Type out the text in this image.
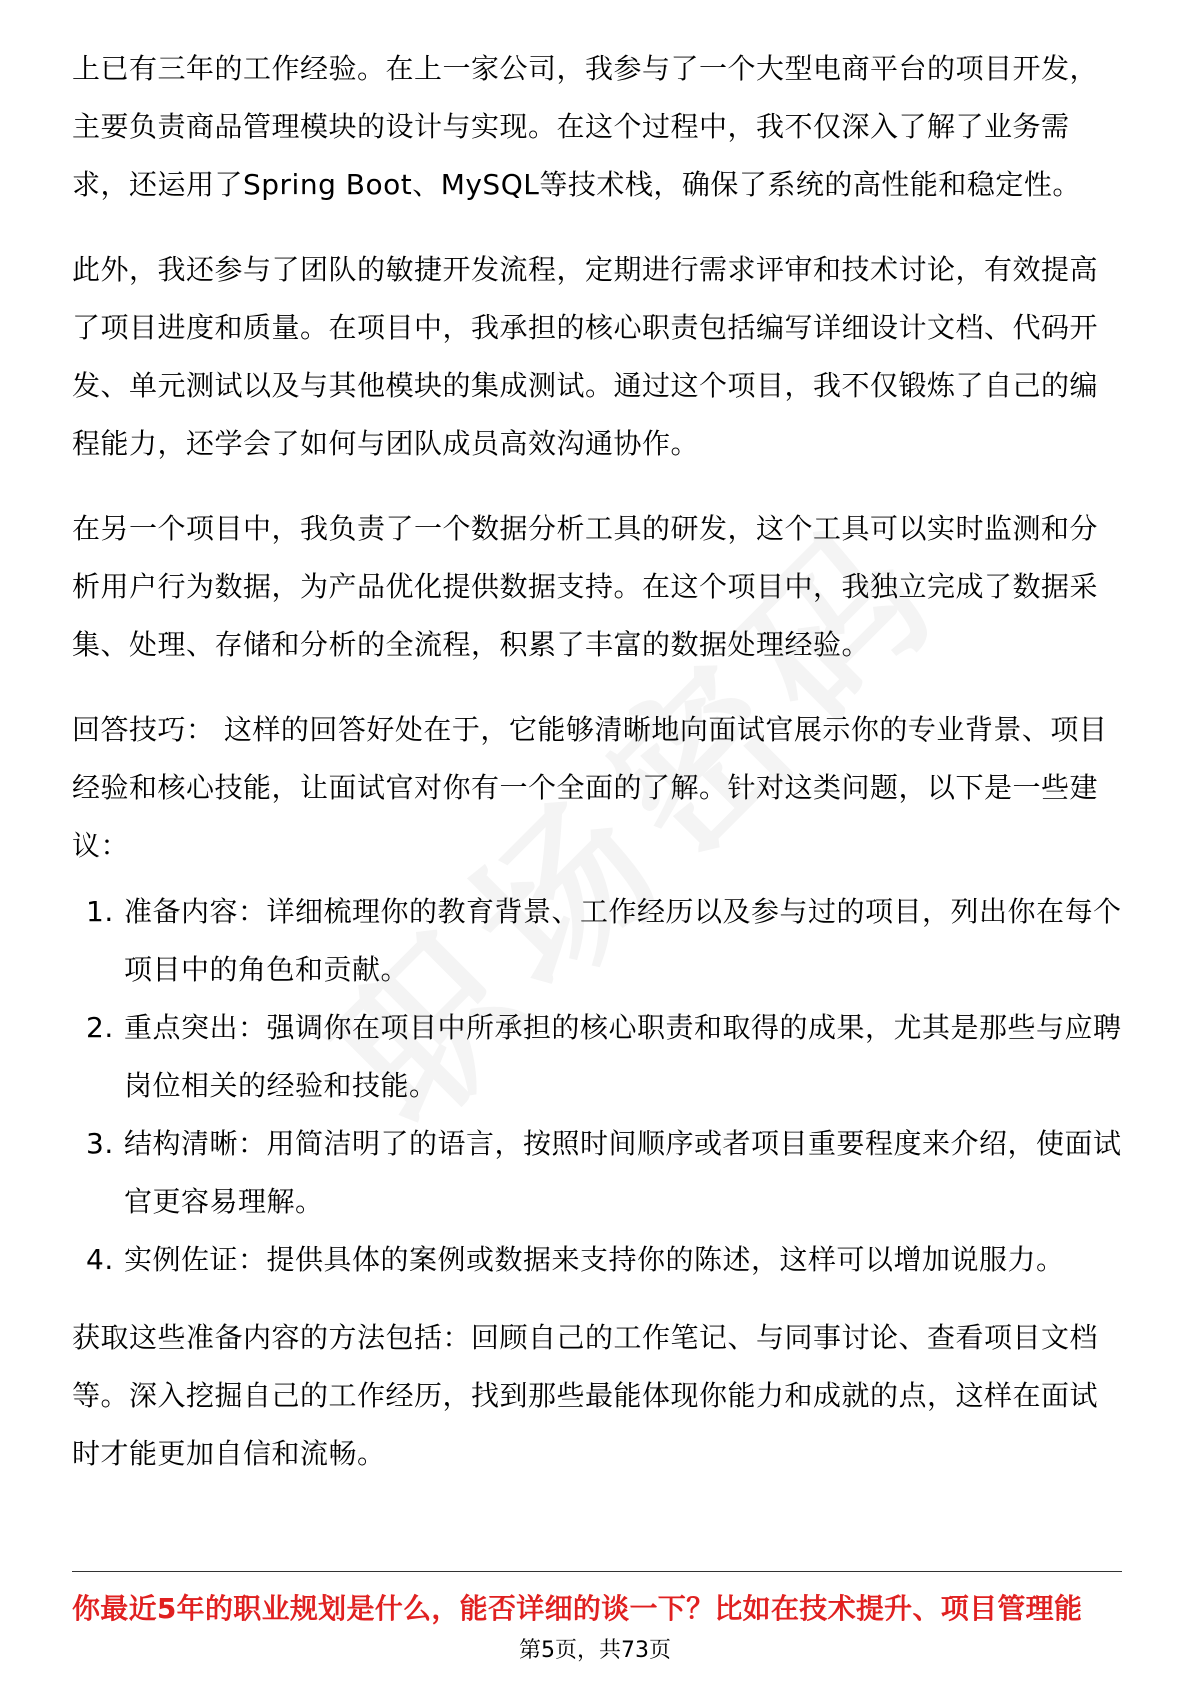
上已有三年的工作经验。在上一家公司，我参与了一个大型电商平台的项目开发，主要负责商品管理模块的设计与实现。在这个过程中，我不仅深入了解了业务需求，还运用了Spring Boot、MySQL等技术栈，确保了系统的高性能和稳定性。

此外，我还参与了团队的敏捷开发流程，定期进行需求评审和技术讨论，有效提高了项目进度和质量。在项目中，我承担的核心职责包括编写详细设计文档、代码开发、单元测试以及与其他模块的集成测试。通过这个项目，我不仅锻炼了自己的编程能力，还学会了如何与团队成员高效沟通协作。

在另一个项目中，我负责了一个数据分析工具的研发，这个工具可以实时监测和分析用户行为数据，为产品优化提供数据支持。在这个项目中，我独立完成了数据采集、处理、存储和分析的全流程，积累了丰富的数据处理经验。

回答技巧： 这样的回答好处在于，它能够清晰地向面试官展示你的专业背景、项目经验和核心技能，让面试官对你有一个全面的了解。针对这类问题，以下是一些建议：

1. 准备内容：详细梳理你的教育背景、工作经历以及参与过的项目，列出你在每个项目中的角色和贡献。
2. 重点突出：强调你在项目中所承担的核心职责和取得的成果，尤其是那些与应聘岗位相关的经验和技能。
3. 结构清晰：用简洁明了的语言，按照时间顺序或者项目重要程度来介绍，使面试官更容易理解。
4. 实例佐证：提供具体的案例或数据来支持你的陈述，这样可以增加说服力。

获取这些准备内容的方法包括：回顾自己的工作笔记、与同事讨论、查看项目文档等。深入挖掘自己的工作经历，找到那些最能体现你能力和成就的点，这样在面试时才能更加自信和流畅。

你最近5年的职业规划是什么，能否详细的谈一下？比如在技术提升、项目管理能
第5页，共73页
